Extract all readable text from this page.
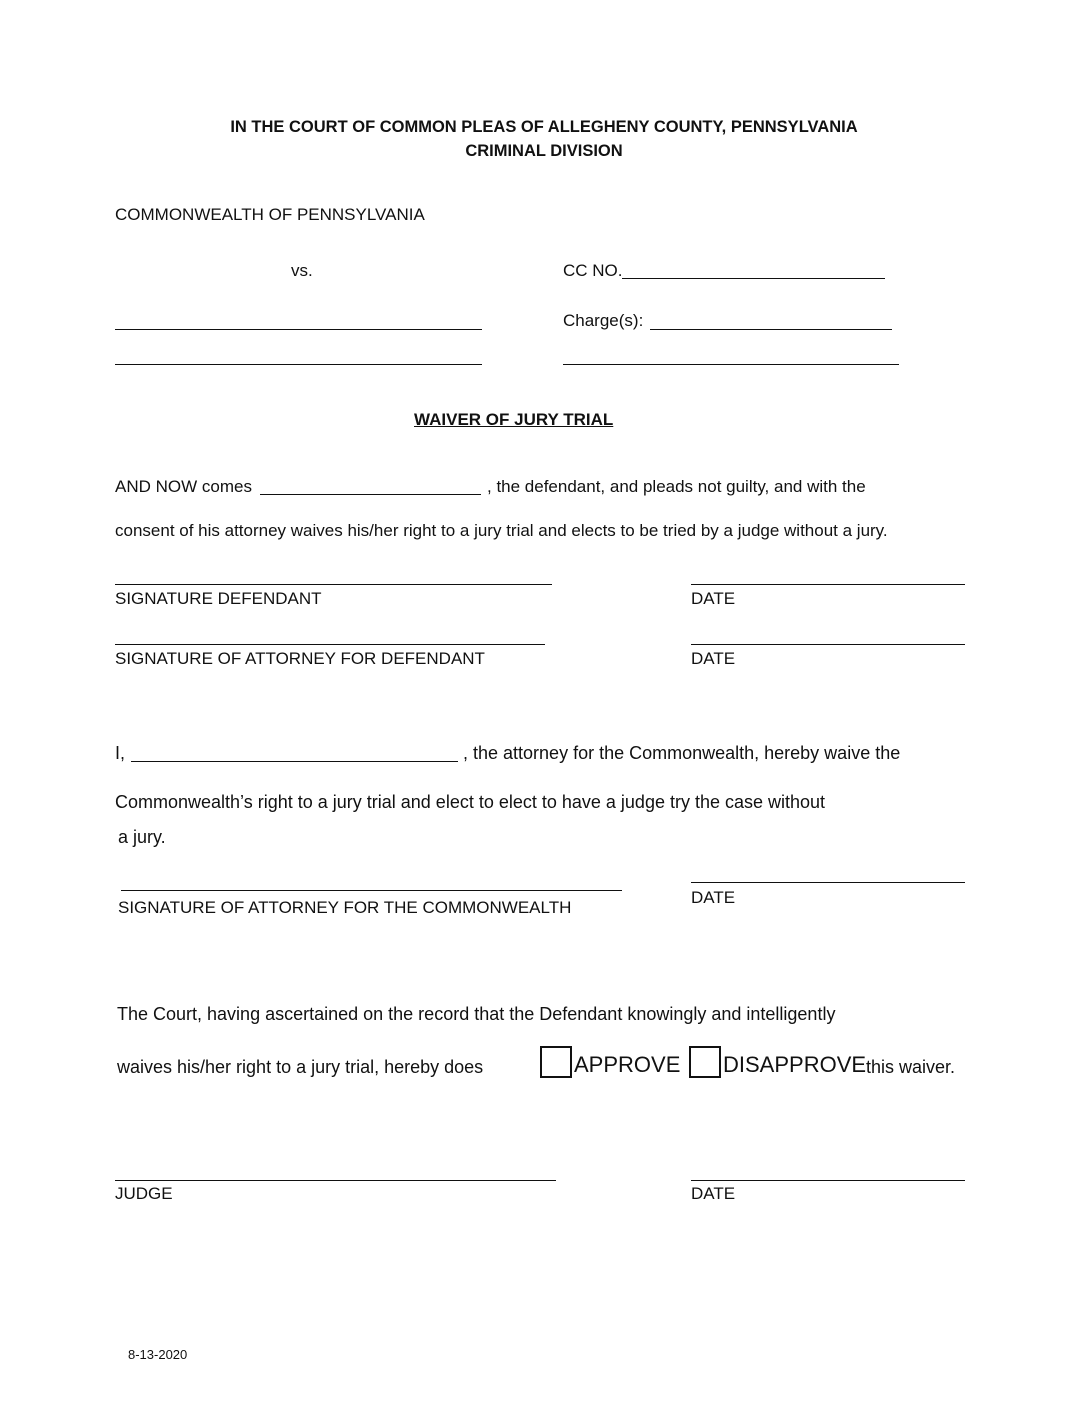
IN THE COURT OF COMMON PLEAS OF ALLEGHENY COUNTY, PENNSYLVANIA
CRIMINAL DIVISION
COMMONWEALTH OF PENNSYLVANIA
vs.	CC NO.
Charge(s):
WAIVER OF JURY TRIAL
AND NOW comes	, the defendant, and pleads not guilty, and with the
consent of his attorney waives his/her right to a jury trial and elects to be tried by a judge without a jury.
SIGNATURE DEFENDANT	DATE
SIGNATURE OF ATTORNEY FOR DEFENDANT	DATE
I,	, the attorney for the Commonwealth, hereby waive the
Commonwealth’s right to a jury trial and elect to elect to have a judge try the case without
a jury.
SIGNATURE OF ATTORNEY FOR THE COMMONWEALTH
DATE
The Court, having ascertained on the record that the Defendant knowingly and intelligently
waives his/her right to a jury trial, hereby does	APPROVE DISAPPROVE this waiver.
JUDGE	DATE
8-13-2020
